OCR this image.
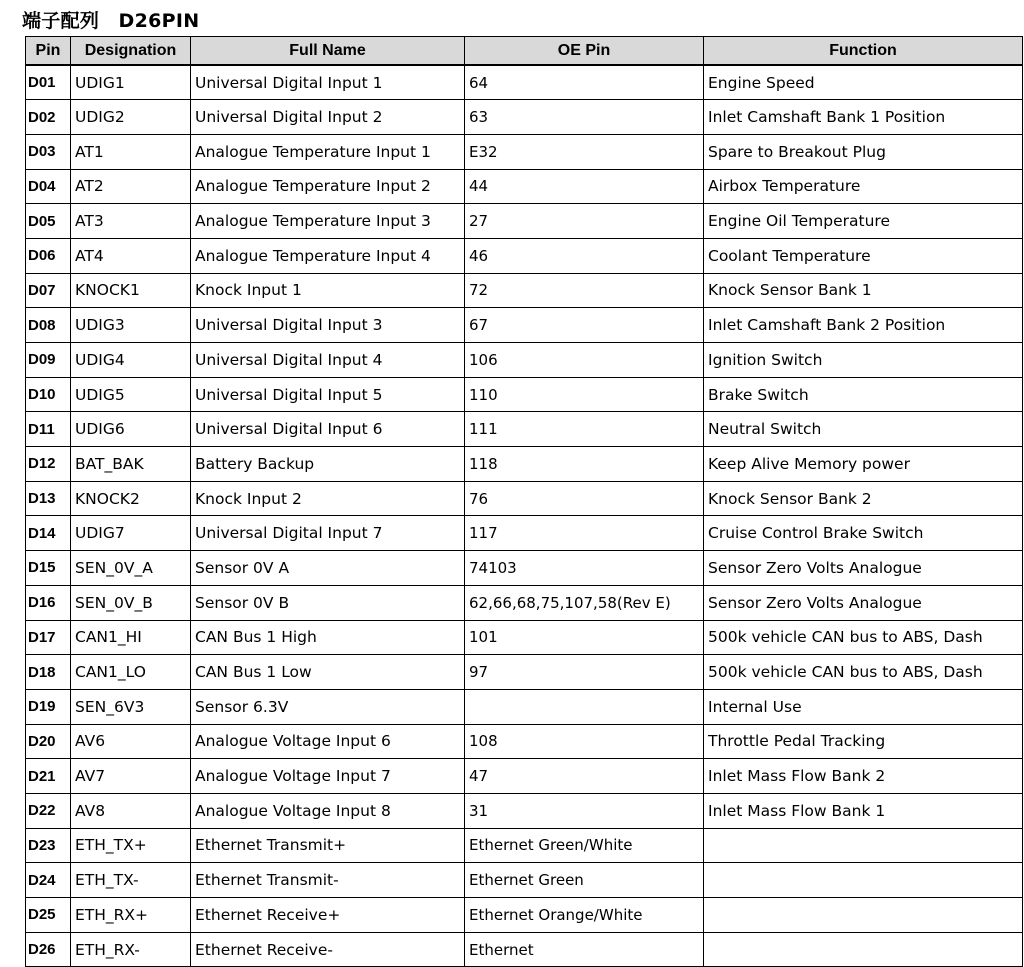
端子配列　D26PIN
Pin	Designation	Full Name	OE Pin	Function
D01	UDIG1	Universal Digital Input 1	64	Engine Speed
D02	UDIG2	Universal Digital Input 2	63	Inlet Camshaft Bank 1 Position
D03	AT1	Analogue Temperature Input 1	E32	Spare to Breakout Plug
D04	AT2	Analogue Temperature Input 2	44	Airbox Temperature
D05	AT3	Analogue Temperature Input 3	27	Engine Oil Temperature
D06	AT4	Analogue Temperature Input 4	46	Coolant Temperature
D07	KNOCK1	Knock Input 1	72	Knock Sensor Bank 1
D08	UDIG3	Universal Digital Input 3	67	Inlet Camshaft Bank 2 Position
D09	UDIG4	Universal Digital Input 4	106	Ignition Switch
D10	UDIG5	Universal Digital Input 5	110	Brake Switch
D11	UDIG6	Universal Digital Input 6	111	Neutral Switch
D12	BAT_BAK	Battery Backup	118	Keep Alive Memory power
D13	KNOCK2	Knock Input 2	76	Knock Sensor Bank 2
D14	UDIG7	Universal Digital Input 7	117	Cruise Control Brake Switch
D15	SEN_0V_A	Sensor 0V A	74103	Sensor Zero Volts Analogue
D16	SEN_0V_B	Sensor 0V B	62,66,68,75,107,58(Rev E)	Sensor Zero Volts Analogue
D17	CAN1_HI	CAN Bus 1 High	101	500k vehicle CAN bus to ABS, Dash
D18	CAN1_LO	CAN Bus 1 Low	97	500k vehicle CAN bus to ABS, Dash
D19	SEN_6V3	Sensor 6.3V		Internal Use
D20	AV6	Analogue Voltage Input 6	108	Throttle Pedal Tracking
D21	AV7	Analogue Voltage Input 7	47	Inlet Mass Flow Bank 2
D22	AV8	Analogue Voltage Input 8	31	Inlet Mass Flow Bank 1
D23	ETH_TX+	Ethernet Transmit+	Ethernet Green/White	
D24	ETH_TX-	Ethernet Transmit-	Ethernet Green	
D25	ETH_RX+	Ethernet Receive+	Ethernet Orange/White	
D26	ETH_RX-	Ethernet Receive-	Ethernet	
